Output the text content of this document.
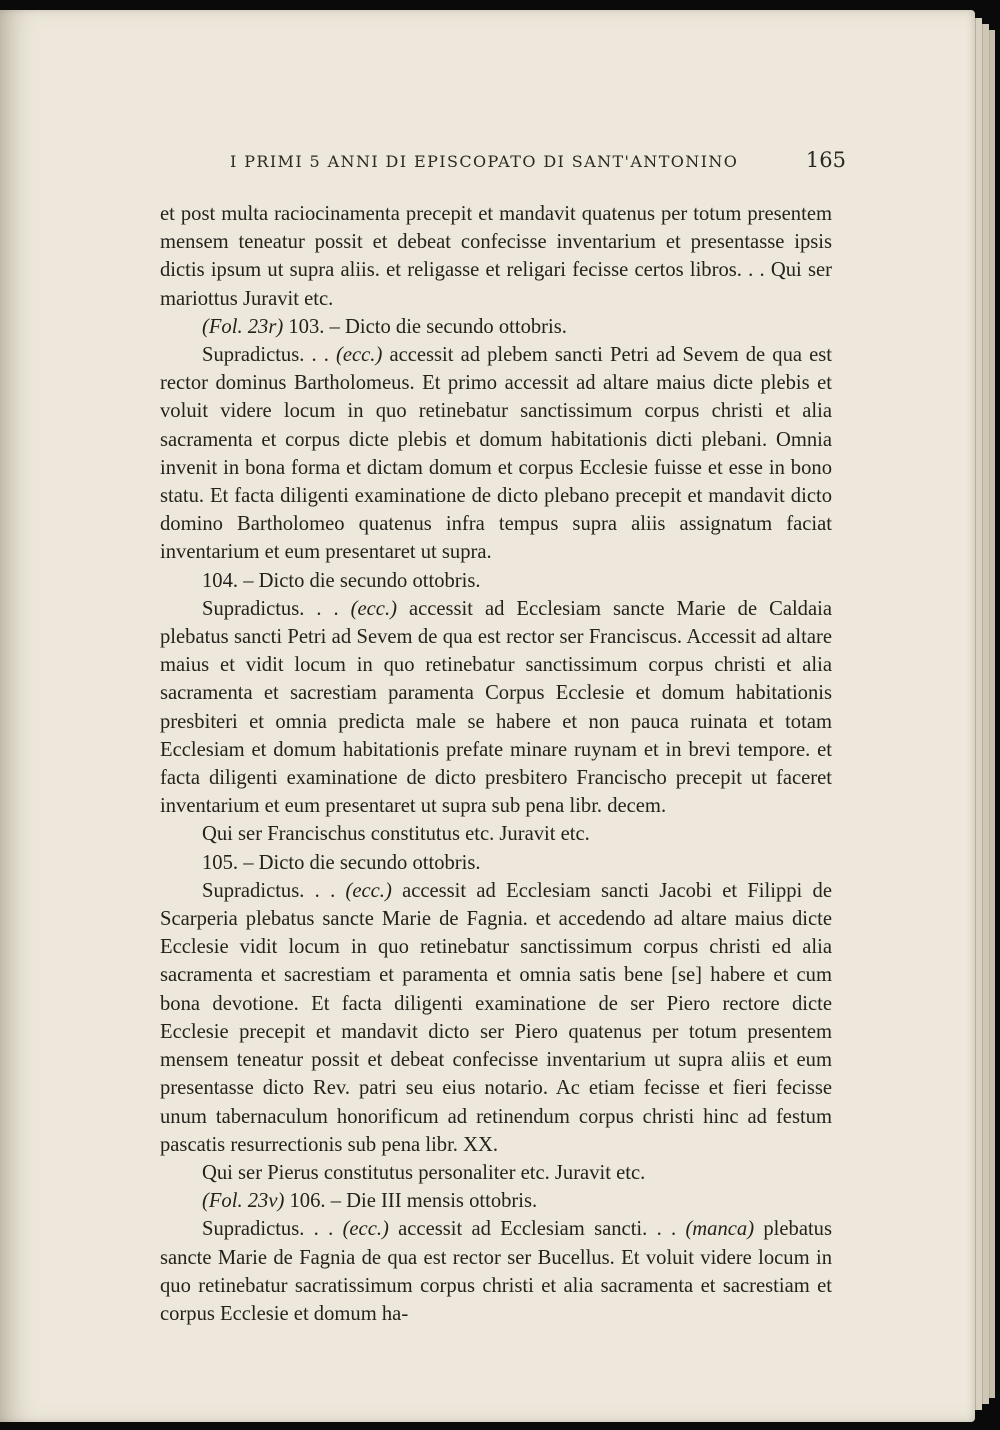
I PRIMI 5 ANNI DI EPISCOPATO DI SANT'ANTONINO	165

et post multa raciocinamenta precepit et mandavit quatenus per totum presentem mensem teneatur possit et debeat confecisse inventarium et presentasse ipsis dictis ipsum ut supra aliis. et religasse et religari fecisse certos libros. . . Qui ser mariottus Juravit etc.

(Fol. 23r) 103. – Dicto die secundo ottobris.

Supradictus. . . (ecc.) accessit ad plebem sancti Petri ad Sevem de qua est rector dominus Bartholomeus. Et primo accessit ad altare maius dicte plebis et voluit videre locum in quo retinebatur sanctissimum corpus christi et alia sacramenta et corpus dicte plebis et domum habitationis dicti plebani. Omnia invenit in bona forma et dictam domum et corpus Ecclesie fuisse et esse in bono statu. Et facta diligenti examinatione de dicto plebano precepit et mandavit dicto domino Bartholomeo quatenus infra tempus supra aliis assignatum faciat inventarium et eum presentaret ut supra.

104. – Dicto die secundo ottobris.

Supradictus. . . (ecc.) accessit ad Ecclesiam sancte Marie de Caldaia plebatus sancti Petri ad Sevem de qua est rector ser Franciscus. Accessit ad altare maius et vidit locum in quo retinebatur sanctissimum corpus christi et alia sacramenta et sacrestiam paramenta Corpus Ecclesie et domum habitationis presbiteri et omnia predicta male se habere et non pauca ruinata et totam Ecclesiam et domum habitationis prefate minare ruynam et in brevi tempore. et facta diligenti examinatione de dicto presbitero Francischo precepit ut faceret inventarium et eum presentaret ut supra sub pena libr. decem.

Qui ser Francischus constitutus etc. Juravit etc.

105. – Dicto die secundo ottobris.

Supradictus. . . (ecc.) accessit ad Ecclesiam sancti Jacobi et Filippi de Scarperia plebatus sancte Marie de Fagnia. et accedendo ad altare maius dicte Ecclesie vidit locum in quo retinebatur sanctissimum corpus christi ed alia sacramenta et sacrestiam et paramenta et omnia satis bene [se] habere et cum bona devotione. Et facta diligenti examinatione de ser Piero rectore dicte Ecclesie precepit et mandavit dicto ser Piero quatenus per totum presentem mensem teneatur possit et debeat confecisse inventarium ut supra aliis et eum presentasse dicto Rev. patri seu eius notario. Ac etiam fecisse et fieri fecisse unum tabernaculum honorificum ad retinendum corpus christi hinc ad festum pascatis resurrectionis sub pena libr. XX.

Qui ser Pierus constitutus personaliter etc. Juravit etc.

(Fol. 23v) 106. – Die III mensis ottobris.

Supradictus. . . (ecc.) accessit ad Ecclesiam sancti. . . (manca) plebatus sancte Marie de Fagnia de qua est rector ser Bucellus. Et voluit videre locum in quo retinebatur sacratissimum corpus christi et alia sacramenta et sacrestiam et corpus Ecclesie et domum ha-
